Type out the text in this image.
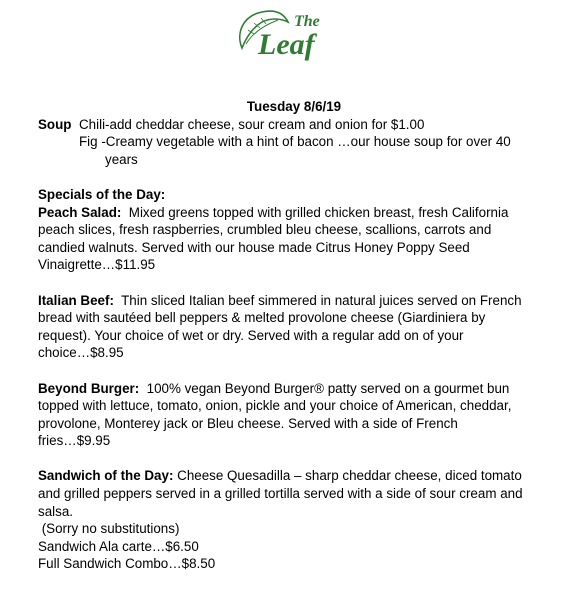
The
Leaf

Tuesday 8/6/19

Soup Chili-add cheddar cheese, sour cream and onion for $1.00

Fig -Creamy vegetable with a hint of bacon …our house soup for over 40

years

Specials of the Day:

Peach Salad:  Mixed greens topped with grilled chicken breast, fresh California

peach slices, fresh raspberries, crumbled bleu cheese, scallions, carrots and

candied walnuts. Served with our house made Citrus Honey Poppy Seed

Vinaigrette…$11.95

Italian Beef:  Thin sliced Italian beef simmered in natural juices served on French

bread with sautéed bell peppers & melted provolone cheese (Giardiniera by

request). Your choice of wet or dry. Served with a regular add on of your

choice…$8.95

Beyond Burger:  100% vegan Beyond Burger® patty served on a gourmet bun

topped with lettuce, tomato, onion, pickle and your choice of American, cheddar,

provolone, Monterey jack or Bleu cheese. Served with a side of French

fries…$9.95

Sandwich of the Day: Cheese Quesadilla – sharp cheddar cheese, diced tomato

and grilled peppers served in a grilled tortilla served with a side of sour cream and

salsa.

(Sorry no substitutions)

Sandwich Ala carte…$6.50

Full Sandwich Combo…$8.50
